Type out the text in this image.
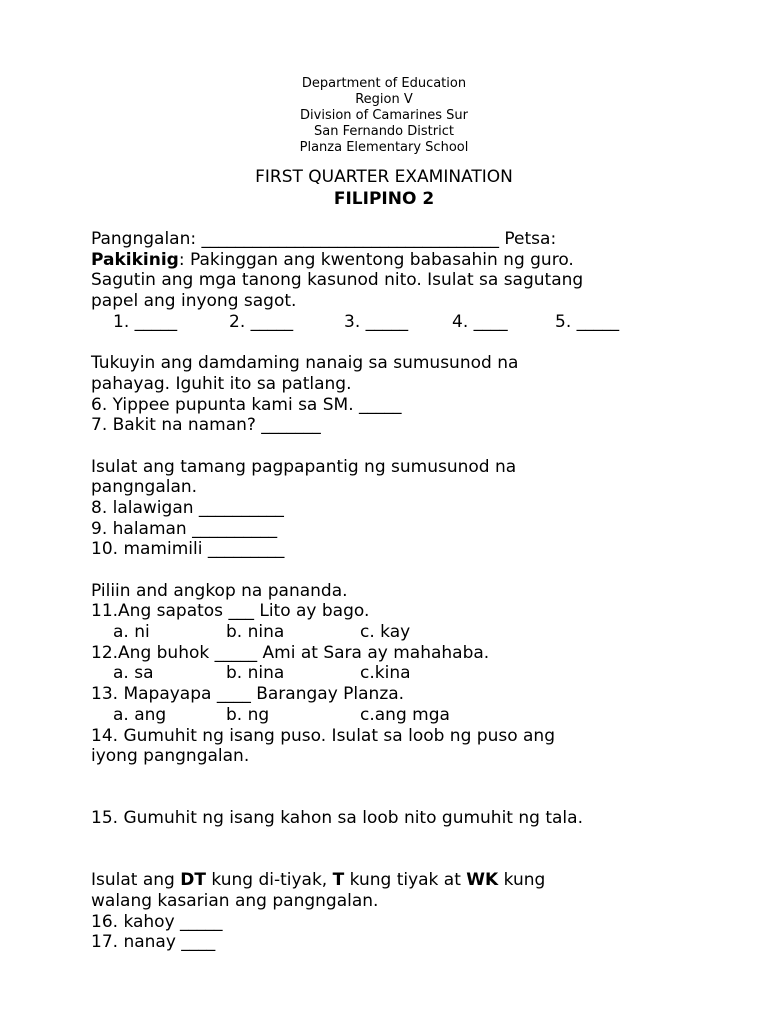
Department of Education
Region V
Division of Camarines Sur
San Fernando District
Planza Elementary School
FIRST QUARTER EXAMINATION
FILIPINO 2
Pangngalan: ___________________________________ Petsa:
Pakikinig: Pakinggan ang kwentong babasahin ng guro.
Sagutin ang mga tanong kasunod nito. Isulat sa sagutang
papel ang inyong sagot.
1. _____	2. _____	3. _____	4. ____	5. _____
Tukuyin ang damdaming nanaig sa sumusunod na
pahayag. Iguhit ito sa patlang.
6. Yippee pupunta kami sa SM. _____
7. Bakit na naman? _______
Isulat ang tamang pagpapantig ng sumusunod na
pangngalan.
8. lalawigan __________
9. halaman __________
10. mamimili _________
Piliin and angkop na pananda.
11.Ang sapatos ___ Lito ay bago.
a. ni	b. nina	c. kay
12.Ang buhok _____ Ami at Sara ay mahahaba.
a. sa	b. nina	c.kina
13. Mapayapa ____ Barangay Planza.
a. ang	b. ng	c.ang mga
14. Gumuhit ng isang puso. Isulat sa loob ng puso ang
iyong pangngalan.
15. Gumuhit ng isang kahon sa loob nito gumuhit ng tala.
Isulat ang DT kung di-tiyak, T kung tiyak at WK kung
walang kasarian ang pangngalan.
16. kahoy _____
17. nanay ____
